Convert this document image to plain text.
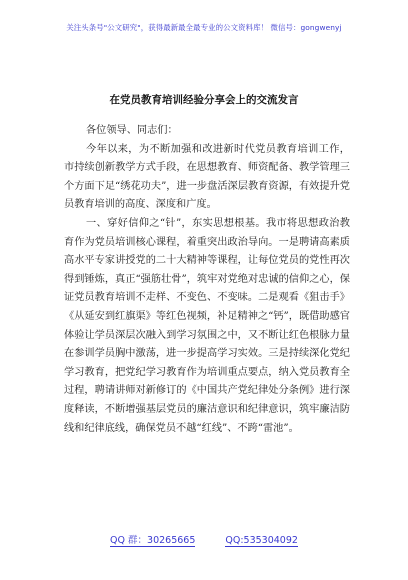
关注头条号"公文研究"，获得最新最全最专业的公文资料库！ 微信号：gongwenyj
在党员教育培训经验分享会上的交流发言
各位领导、同志们：

今年以来，为不断加强和改进新时代党员教育培训工作，市持续创新教学方式手段，在思想教育、师资配备、教学管理三个方面下足“绣花功夫”，进一步盘活深层教育资源，有效提升党员教育培训的高度、深度和广度。

一、穿好信仰之“针”，东实思想根基。我市将思想政治教育作为党员培训核心课程，着重突出政治导向。一是聘请高素质高水平专家讲授党的二十大精神等课程，让每位党员的党性再次得到锤炼，真正“强筋壮骨”，筑牢对党绝对忠诚的信仰之心，保证党员教育培训不走样、不变色、不变味。二是观看《狙击手》《从延安到红旗渠》等红色视频，补足精神之“钙”，既借助感官体验让学员深层次融入到学习氛围之中，又不断让红色根脉力量在参训学员胸中激荡，进一步提高学习实效。三是持续深化党纪学习教育，把党纪学习教育作为培训重点要点，纳入党员教育全过程，聘请讲师对新修订的《中国共产党纪律处分条例》进行深度释读，不断增强基层党员的廉洁意识和纪律意识，筑牢廉洁防线和纪律底线，确保党员不越“红线”、不跨“雷池”。

QQ 群：30265665	QQ:535304092
